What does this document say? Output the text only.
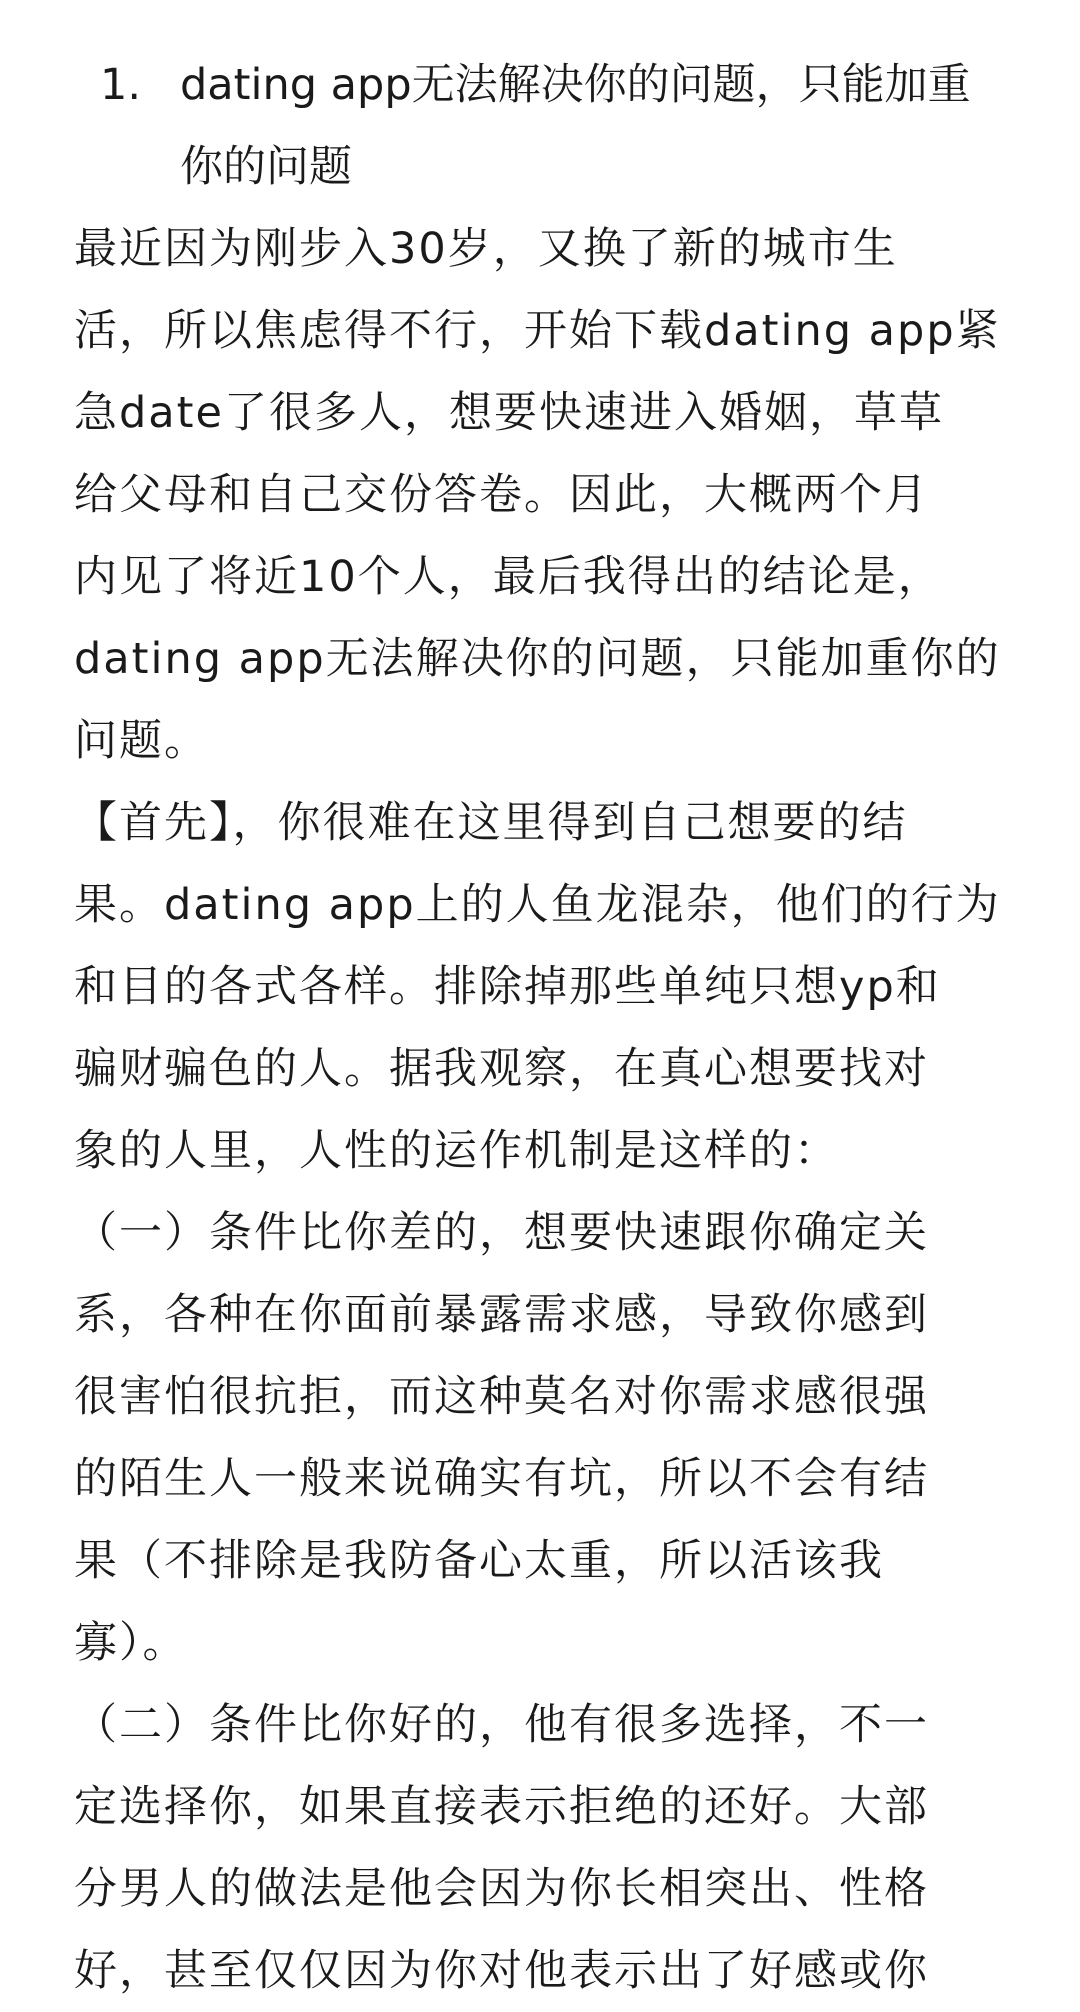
1. dating app无法解决你的问题，只能加重
你的问题

最近因为刚步入30岁，又换了新的城市生
活，所以焦虑得不行，开始下载dating app紧
急date了很多人，想要快速进入婚姻，草草
给父母和自己交份答卷。因此，大概两个月
内见了将近10个人，最后我得出的结论是，
dating app无法解决你的问题，只能加重你的
问题。

【首先】，你很难在这里得到自己想要的结
果。dating app上的人鱼龙混杂，他们的行为
和目的各式各样。排除掉那些单纯只想yp和
骗财骗色的人。据我观察，在真心想要找对
象的人里，人性的运作机制是这样的：

（一）条件比你差的，想要快速跟你确定关
系，各种在你面前暴露需求感，导致你感到
很害怕很抗拒，而这种莫名对你需求感很强
的陌生人一般来说确实有坑，所以不会有结
果（不排除是我防备心太重，所以活该我
寡）。

（二）条件比你好的，他有很多选择，不一
定选择你，如果直接表示拒绝的还好。大部
分男人的做法是他会因为你长相突出、性格
好，甚至仅仅因为你对他表示出了好感或你
